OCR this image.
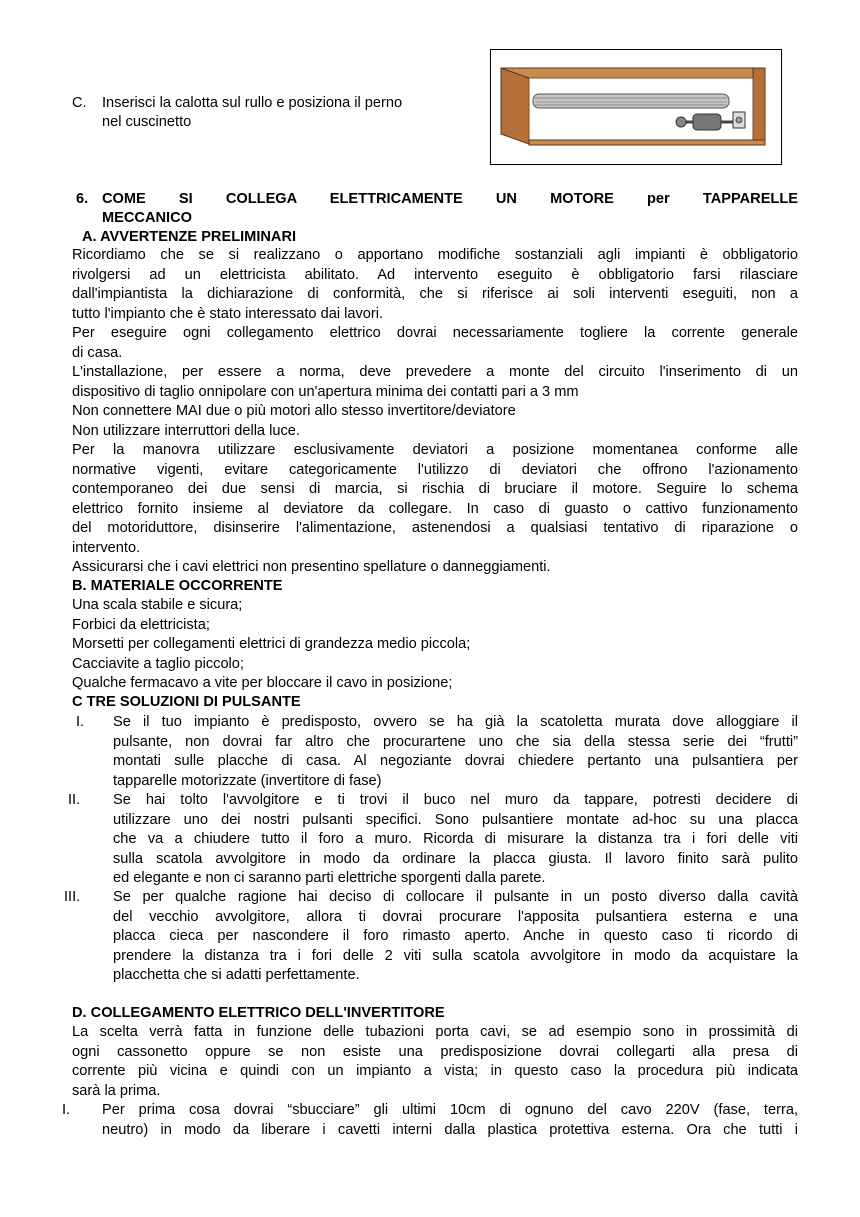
C. Inserisci la calotta sul rullo e posiziona il perno
nel cuscinetto
6. COME SI COLLEGA ELETTRICAMENTE UN MOTORE per TAPPARELLE
MECCANICO
A. AVVERTENZE PRELIMINARI
Ricordiamo che se si realizzano o apportano modifiche sostanziali agli impianti è obbligatorio
rivolgersi ad un elettricista abilitato. Ad intervento eseguito è obbligatorio farsi rilasciare
dall'impiantista la dichiarazione di conformità, che si riferisce ai soli interventi eseguiti, non a
tutto l'impianto che è stato interessato dai lavori.
Per eseguire ogni collegamento elettrico dovrai necessariamente togliere la corrente generale
di casa.
L'installazione, per essere a norma, deve prevedere a monte del circuito l'inserimento di un
dispositivo di taglio onnipolare con un'apertura minima dei contatti pari a 3 mm
Non connettere MAI due o più motori allo stesso invertitore/deviatore
Non utilizzare interruttori della luce.
Per la manovra utilizzare esclusivamente deviatori a posizione momentanea conforme alle
normative vigenti, evitare categoricamente l'utilizzo di deviatori che offrono l'azionamento
contemporaneo dei due sensi di marcia, si rischia di bruciare il motore. Seguire lo schema
elettrico fornito insieme al deviatore da collegare. In caso di guasto o cattivo funzionamento
del motoriduttore, disinserire l'alimentazione, astenendosi a qualsiasi tentativo di riparazione o
intervento.
Assicurarsi che i cavi elettrici non presentino spellature o danneggiamenti.
B. MATERIALE OCCORRENTE
Una scala stabile e sicura;
Forbici da elettricista;
Morsetti per collegamenti elettrici di grandezza medio piccola;
Cacciavite a taglio piccolo;
Qualche fermacavo a vite per bloccare il cavo in posizione;
C TRE SOLUZIONI DI PULSANTE
I. Se il tuo impianto è predisposto, ovvero se ha già la scatoletta murata dove alloggiare il
pulsante, non dovrai far altro che procurartene uno che sia della stessa serie dei “frutti”
montati sulle placche di casa. Al negoziante dovrai chiedere pertanto una pulsantiera per
tapparelle motorizzate (invertitore di fase)
II. Se hai tolto l'avvolgitore e ti trovi il buco nel muro da tappare, potresti decidere di
utilizzare uno dei nostri pulsanti specifici. Sono pulsantiere montate ad-hoc su una placca
che va a chiudere tutto il foro a muro. Ricorda di misurare la distanza tra i fori delle viti
sulla scatola avvolgitore in modo da ordinare la placca giusta. Il lavoro finito sarà pulito
ed elegante e non ci saranno parti elettriche sporgenti dalla parete.
III. Se per qualche ragione hai deciso di collocare il pulsante in un posto diverso dalla cavità
del vecchio avvolgitore, allora ti dovrai procurare l'apposita pulsantiera esterna e una
placca cieca per nascondere il foro rimasto aperto. Anche in questo caso ti ricordo di
prendere la distanza tra i fori delle 2 viti sulla scatola avvolgitore in modo da acquistare la
placchetta che si adatti perfettamente.
D. COLLEGAMENTO ELETTRICO DELL'INVERTITORE
La scelta verrà fatta in funzione delle tubazioni porta cavi, se ad esempio sono in prossimità di
ogni cassonetto oppure se non esiste una predisposizione dovrai collegarti alla presa di
corrente più vicina e quindi con un impianto a vista; in questo caso la procedura più indicata
sarà la prima.
I. Per prima cosa dovrai “sbucciare” gli ultimi 10cm di ognuno del cavo 220V (fase, terra,
neutro) in modo da liberare i cavetti interni dalla plastica protettiva esterna. Ora che tutti i
